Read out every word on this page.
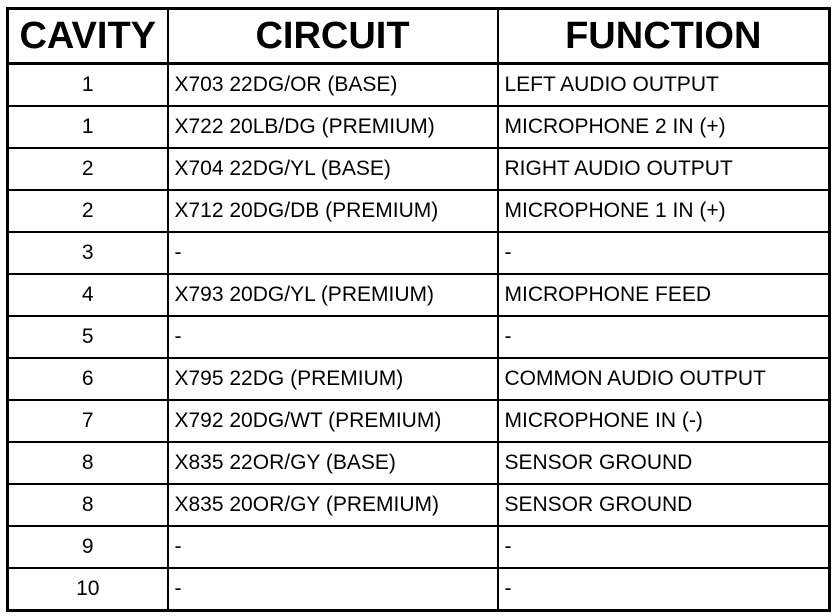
CAVITY	CIRCUIT	FUNCTION
1	X703 22DG/OR (BASE)	LEFT AUDIO OUTPUT
1	X722 20LB/DG (PREMIUM)	MICROPHONE 2 IN (+)
2	X704 22DG/YL (BASE)	RIGHT AUDIO OUTPUT
2	X712 20DG/DB (PREMIUM)	MICROPHONE 1 IN (+)
3	-	-
4	X793 20DG/YL (PREMIUM)	MICROPHONE FEED
5	-	-
6	X795 22DG (PREMIUM)	COMMON AUDIO OUTPUT
7	X792 20DG/WT (PREMIUM)	MICROPHONE IN (-)
8	X835 22OR/GY (BASE)	SENSOR GROUND
8	X835 20OR/GY (PREMIUM)	SENSOR GROUND
9	-	-
10	-	-
